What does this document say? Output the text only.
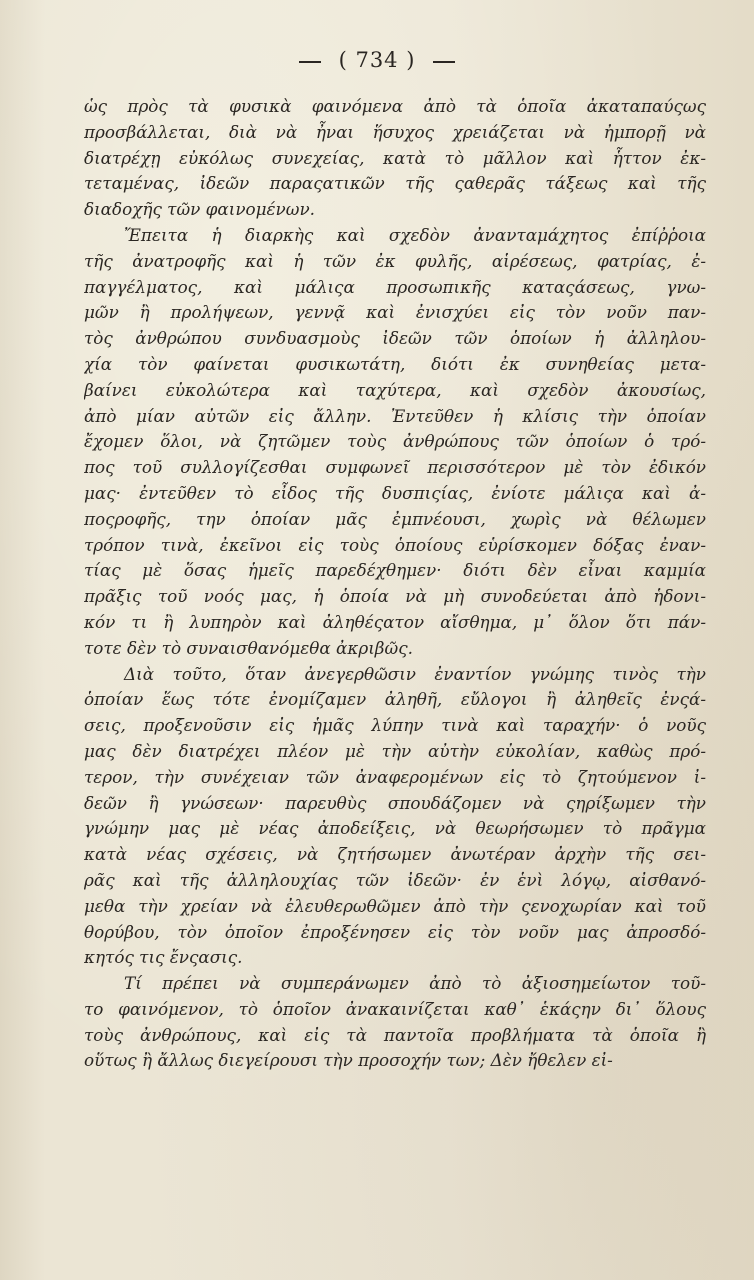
( 734 )
ὡς πρὸς τὰ φυσικὰ φαινόμενα ἀπὸ τὰ ὁποῖα ἀκαταπαύςως
προσβάλλεται, διὰ νὰ ἦναι ἥσυχος χρειάζεται νὰ ἠμπορῇ νὰ
διατρέχῃ εὐκόλως συνεχείας, κατὰ τὸ μᾶλλον καὶ ἧττον ἐκ-
τεταμένας, ἰδεῶν παραςατικῶν τῆς ςαθερᾶς τάξεως καὶ τῆς
διαδοχῆς τῶν φαινομένων.
Ἔπειτα ἡ διαρκὴς καὶ σχεδὸν ἀνανταμάχητος ἐπίῤῥοια
τῆς ἀνατροφῆς καὶ ἡ τῶν ἐκ φυλῆς, αἱρέσεως, φατρίας, ἐ-
παγγέλματος, καὶ μάλιςα προσωπικῆς καταςάσεως, γνω-
μῶν ἢ προλήψεων, γεννᾷ καὶ ἐνισχύει εἰς τὸν νοῦν παν-
τὸς ἀνθρώπου συνδυασμοὺς ἰδεῶν τῶν ὁποίων ἡ ἀλληλου-
χία τὸν φαίνεται φυσικωτάτη, διότι ἐκ συνηθείας μετα-
βαίνει εὐκολώτερα καὶ ταχύτερα, καὶ σχεδὸν ἀκουσίως,
ἀπὸ μίαν αὐτῶν εἰς ἄλλην. Ἐντεῦθεν ἡ κλίσις τὴν ὁποίαν
ἔχομεν ὅλοι, νὰ ζητῶμεν τοὺς ἀνθρώπους τῶν ὁποίων ὁ τρό-
πος τοῦ συλλογίζεσθαι συμφωνεῖ περισσότερον μὲ τὸν ἐδικόν
μας· ἐντεῦθεν τὸ εἶδος τῆς δυσπιςίας, ἐνίοτε μάλιςα καὶ ἀ-
ποςροφῆς, την ὁποίαν μᾶς ἐμπνέουσι, χωρὶς νὰ θέλωμεν
τρόπον τινὰ, ἐκεῖνοι εἰς τοὺς ὁποίους εὑρίσκομεν δόξας ἐναν-
τίας μὲ ὅσας ἡμεῖς παρεδέχθημεν· διότι δὲν εἶναι καμμία
πρᾶξις τοῦ νοός μας, ἡ ὁποία νὰ μὴ συνοδεύεται ἀπὸ ἡδονι-
κόν τι ἢ λυπηρὸν καὶ ἀληθέςατον αἴσθημα, μ᾽ ὅλον ὅτι πάν-
τοτε δὲν τὸ συναισθανόμεθα ἀκριβῶς.
Διὰ τοῦτο, ὅταν ἀνεγερθῶσιν ἐναντίον γνώμης τινὸς τὴν
ὁποίαν ἕως τότε ἐνομίζαμεν ἀληθῆ, εὔλογοι ἢ ἀληθεῖς ἐνςά-
σεις, προξενοῦσιν εἰς ἡμᾶς λύπην τινὰ καὶ ταραχήν· ὁ νοῦς
μας δὲν διατρέχει πλέον μὲ τὴν αὐτὴν εὐκολίαν, καθὼς πρό-
τερον, τὴν συνέχειαν τῶν ἀναφερομένων εἰς τὸ ζητούμενον ἰ-
δεῶν ἢ γνώσεων· παρευθὺς σπουδάζομεν νὰ ςηρίξωμεν τὴν
γνώμην μας μὲ νέας ἀποδείξεις, νὰ θεωρήσωμεν τὸ πρᾶγμα
κατὰ νέας σχέσεις, νὰ ζητήσωμεν ἀνωτέραν ἀρχὴν τῆς σει-
ρᾶς καὶ τῆς ἀλληλουχίας τῶν ἰδεῶν· ἐν ἑνὶ λόγῳ, αἰσθανό-
μεθα τὴν χρείαν νὰ ἐλευθερωθῶμεν ἀπὸ τὴν ςενοχωρίαν καὶ τοῦ
θορύβου, τὸν ὁποῖον ἐπροξένησεν εἰς τὸν νοῦν μας ἀπροσδό-
κητός τις ἔνςασις.
Τί πρέπει νὰ συμπεράνωμεν ἀπὸ τὸ ἀξιοσημείωτον τοῦ-
το φαινόμενον, τὸ ὁποῖον ἀνακαινίζεται καθ᾽ ἑκάςην δι᾽ ὅλους
τοὺς ἀνθρώπους, καὶ εἰς τὰ παντοῖα προβλήματα τὰ ὁποῖα ἢ
οὕτως ἢ ἄλλως διεγείρουσι τὴν προσοχήν των; Δὲν ἤθελεν εἰ-
